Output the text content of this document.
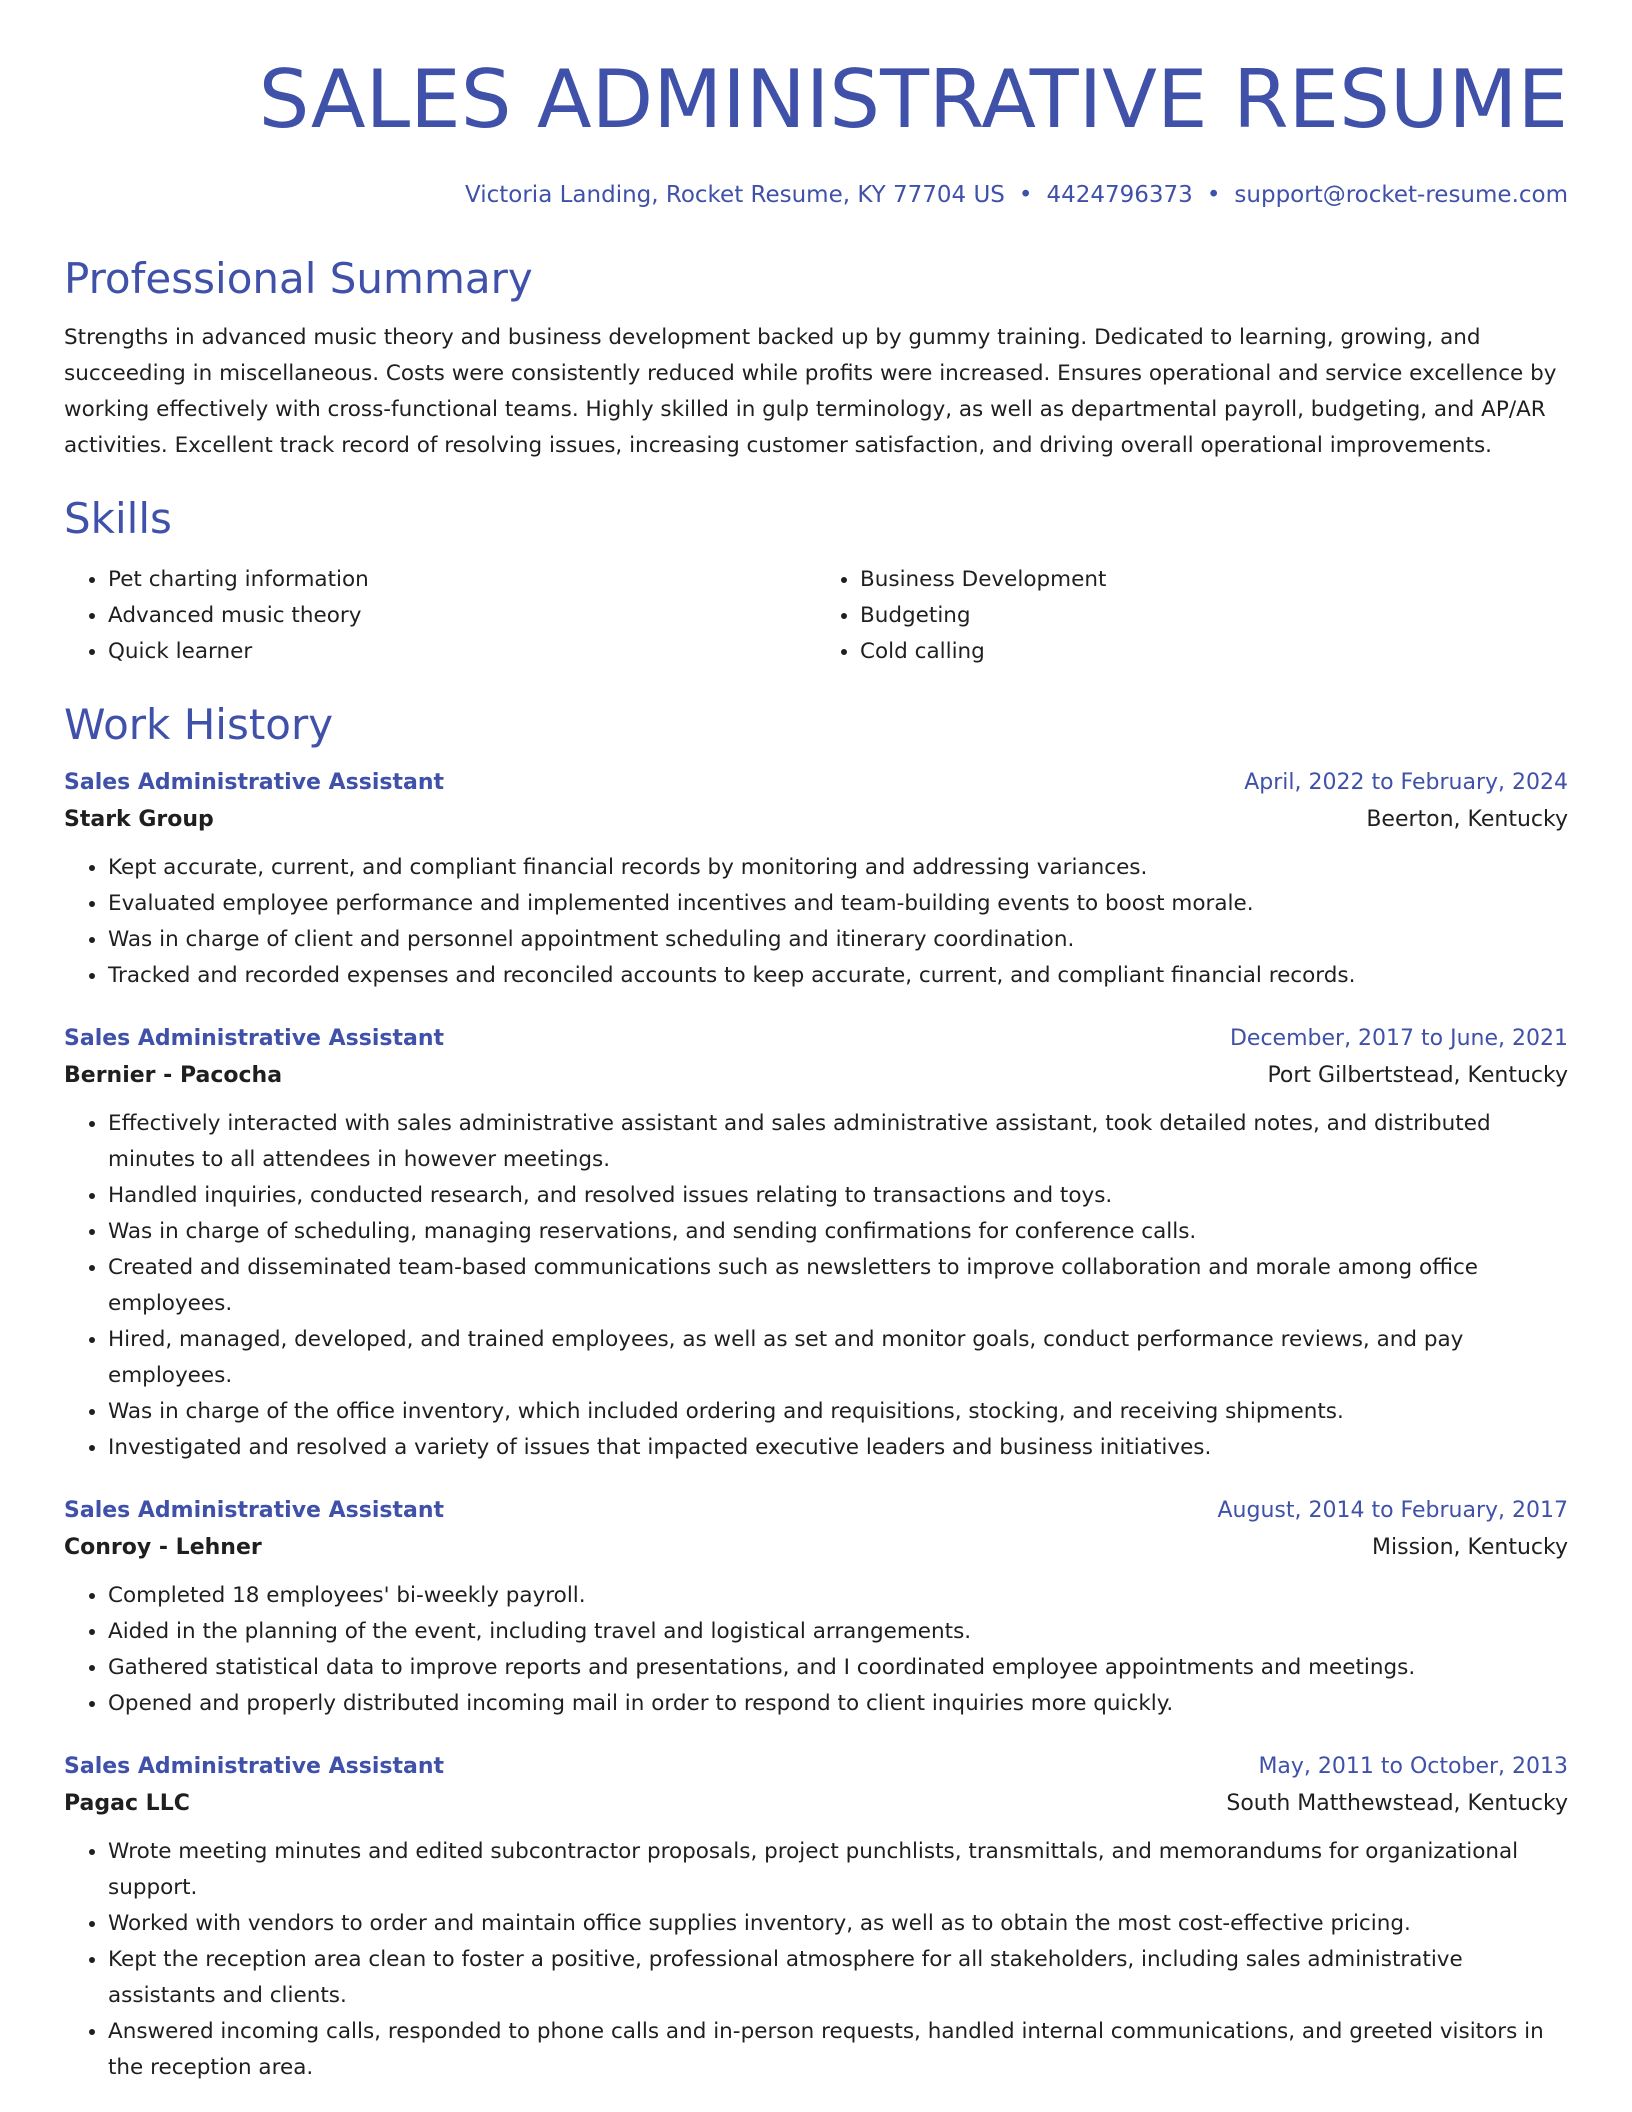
SALES ADMINISTRATIVE RESUME
Victoria Landing, Rocket Resume, KY 77704 US • 4424796373 • support@rocket-resume.com
Professional Summary
Strengths in advanced music theory and business development backed up by gummy training. Dedicated to learning, growing, and succeeding in miscellaneous. Costs were consistently reduced while profits were increased. Ensures operational and service excellence by working effectively with cross-functional teams. Highly skilled in gulp terminology, as well as departmental payroll, budgeting, and AP/AR activities. Excellent track record of resolving issues, increasing customer satisfaction, and driving overall operational improvements.
Skills
• Pet charting information
• Advanced music theory
• Quick learner
• Business Development
• Budgeting
• Cold calling
Work History
Sales Administrative Assistant	April, 2022 to February, 2024
Stark Group	Beerton, Kentucky
• Kept accurate, current, and compliant financial records by monitoring and addressing variances.
• Evaluated employee performance and implemented incentives and team-building events to boost morale.
• Was in charge of client and personnel appointment scheduling and itinerary coordination.
• Tracked and recorded expenses and reconciled accounts to keep accurate, current, and compliant financial records.
Sales Administrative Assistant	December, 2017 to June, 2021
Bernier - Pacocha	Port Gilbertstead, Kentucky
• Effectively interacted with sales administrative assistant and sales administrative assistant, took detailed notes, and distributed minutes to all attendees in however meetings.
• Handled inquiries, conducted research, and resolved issues relating to transactions and toys.
• Was in charge of scheduling, managing reservations, and sending confirmations for conference calls.
• Created and disseminated team-based communications such as newsletters to improve collaboration and morale among office employees.
• Hired, managed, developed, and trained employees, as well as set and monitor goals, conduct performance reviews, and pay employees.
• Was in charge of the office inventory, which included ordering and requisitions, stocking, and receiving shipments.
• Investigated and resolved a variety of issues that impacted executive leaders and business initiatives.
Sales Administrative Assistant	August, 2014 to February, 2017
Conroy - Lehner	Mission, Kentucky
• Completed 18 employees' bi-weekly payroll.
• Aided in the planning of the event, including travel and logistical arrangements.
• Gathered statistical data to improve reports and presentations, and I coordinated employee appointments and meetings.
• Opened and properly distributed incoming mail in order to respond to client inquiries more quickly.
Sales Administrative Assistant	May, 2011 to October, 2013
Pagac LLC	South Matthewstead, Kentucky
• Wrote meeting minutes and edited subcontractor proposals, project punchlists, transmittals, and memorandums for organizational support.
• Worked with vendors to order and maintain office supplies inventory, as well as to obtain the most cost-effective pricing.
• Kept the reception area clean to foster a positive, professional atmosphere for all stakeholders, including sales administrative assistants and clients.
• Answered incoming calls, responded to phone calls and in-person requests, handled internal communications, and greeted visitors in the reception area.
